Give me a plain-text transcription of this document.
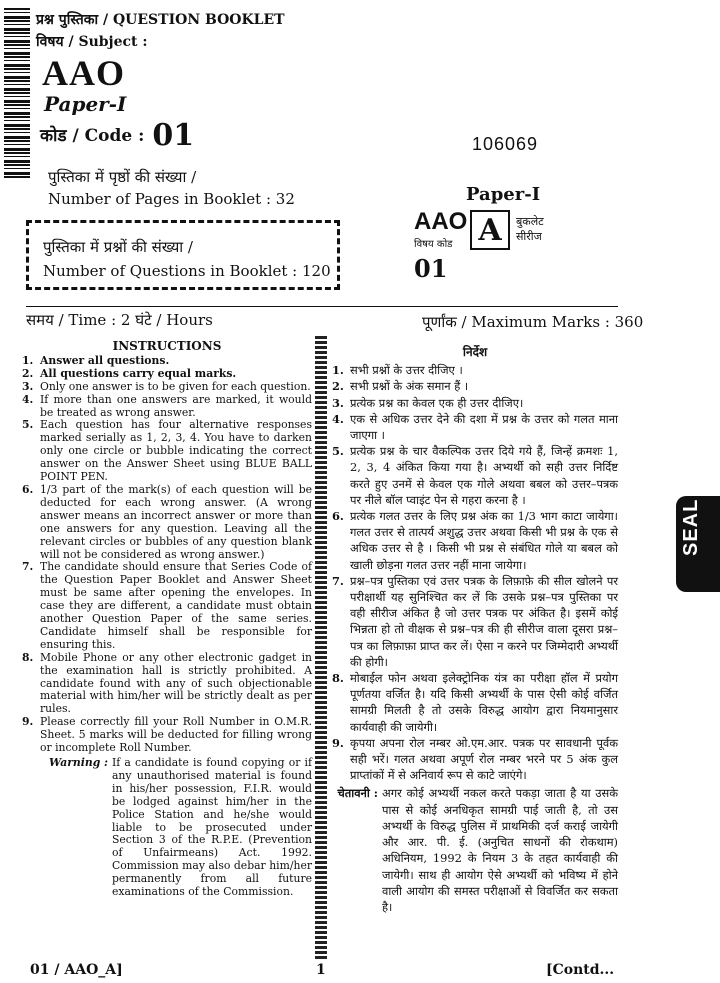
प्रश्न पुस्तिका / QUESTION BOOKLET
विषय / Subject :
AAO
Paper-I
कोड / Code : 01
पुस्तिका में पृष्ठों की संख्या /
Number of Pages in Booklet : 32
पुस्तिका में प्रश्नों की संख्या /
Number of Questions in Booklet : 120
106069
Paper-I
AAO
विषय कोड A	बुकलेट
सीरीज
01
समय / Time : 2 घंटे / Hours	पूर्णांक / Maximum Marks : 360
INSTRUCTIONS
1. Answer all questions.
2. All questions carry equal marks.
3. Only one answer is to be given for each question.
4. If more than one answers are marked, it would be treated as wrong answer.
5. Each question has four alternative responses marked serially as 1, 2, 3, 4. You have to darken only one circle or bubble indicating the correct answer on the Answer Sheet using BLUE BALL POINT PEN.
6. 1/3 part of the mark(s) of each question will be deducted for each wrong answer. (A wrong answer means an incorrect answer or more than one answers for any question. Leaving all the relevant circles or bubbles of any question blank will not be considered as wrong answer.)
7. The candidate should ensure that Series Code of the Question Paper Booklet and Answer Sheet must be same after opening the envelopes. In case they are different, a candidate must obtain another Question Paper of the same series. Candidate himself shall be responsible for ensuring this.
8. Mobile Phone or any other electronic gadget in the examination hall is strictly prohibited. A candidate found with any of such objectionable material with him/her will be strictly dealt as per rules.
9. Please correctly fill your Roll Number in O.M.R. Sheet. 5 marks will be deducted for filling wrong or incomplete Roll Number.
Warning : If a candidate is found copying or if any unauthorised material is found in his/her possession, F.I.R. would be lodged against him/her in the Police Station and he/she would liable to be prosecuted under Section 3 of the R.P.E. (Prevention of Unfairmeans) Act. 1992. Commission may also debar him/her permanently from all future examinations of the Commission.
निर्देश
1. सभी प्रश्नों के उत्तर दीजिए ।
2. सभी प्रश्नों के अंक समान हैं ।
3. प्रत्येक प्रश्न का केवल एक ही उत्तर दीजिए।
4. एक से अधिक उत्तर देने की दशा में प्रश्न के उत्तर को गलत माना जाएगा ।
5. प्रत्येक प्रश्न के चार वैकल्पिक उत्तर दिये गये हैं, जिन्हें क्रमशः 1, 2, 3, 4 अंकित किया गया है। अभ्यर्थी को सही उत्तर निर्दिष्ट करते हुए उनमें से केवल एक गोले अथवा बबल को उत्तर–पत्रक पर नीले बॉल प्वाइंट पेन से गहरा करना है ।
6. प्रत्येक गलत उत्तर के लिए प्रश्न अंक का 1/3 भाग काटा जायेगा। गलत उत्तर से तात्पर्य अशुद्ध उत्तर अथवा किसी भी प्रश्न के एक से अधिक उत्तर से है । किसी भी प्रश्न से संबंधित गोले या बबल को खाली छोड़ना गलत उत्तर नहीं माना जायेगा।
7. प्रश्न–पत्र पुस्तिका एवं उत्तर पत्रक के लिफ़ाफ़े की सील खोलने पर परीक्षार्थी यह सुनिश्चित कर लें कि उसके प्रश्न–पत्र पुस्तिका पर वही सीरीज अंकित है जो उत्तर पत्रक पर अंकित है। इसमें कोई भिन्नता हो तो वीक्षक से प्रश्न–पत्र की ही सीरीज वाला दूसरा प्रश्न–पत्र का लिफ़ाफ़ा प्राप्त कर लें। ऐसा न करने पर जिम्मेदारी अभ्यर्थी की होगी।
8. मोबाईल फोन अथवा इलेक्ट्रोनिक यंत्र का परीक्षा हॉल में प्रयोग पूर्णतया वर्जित है। यदि किसी अभ्यर्थी के पास ऐसी कोई वर्जित सामग्री मिलती है तो उसके विरुद्ध आयोग द्वारा नियमानुसार कार्यवाही की जायेगी।
9. कृपया अपना रोल नम्बर ओ.एम.आर. पत्रक पर सावधानी पूर्वक सही भरें। गलत अथवा अपूर्ण रोल नम्बर भरने पर 5 अंक कुल प्राप्तांकों में से अनिवार्य रूप से काटे जाएंगे।
चेतावनी : अगर कोई अभ्यर्थी नकल करते पकड़ा जाता है या उसके पास से कोई अनधिकृत सामग्री पाई जाती है, तो उस अभ्यर्थी के विरुद्ध पुलिस में प्राथमिकी दर्ज कराई जायेगी और आर. पी. ई. (अनुचित साधनों की रोकथाम) अधिनियम, 1992 के नियम 3 के तहत कार्यवाही की जायेगी। साथ ही आयोग ऐसे अभ्यर्थी को भविष्य में होने वाली आयोग की समस्त परीक्षाओं से विवर्जित कर सकता है।
SEAL
01 / AAO_A]	1	[Contd...
